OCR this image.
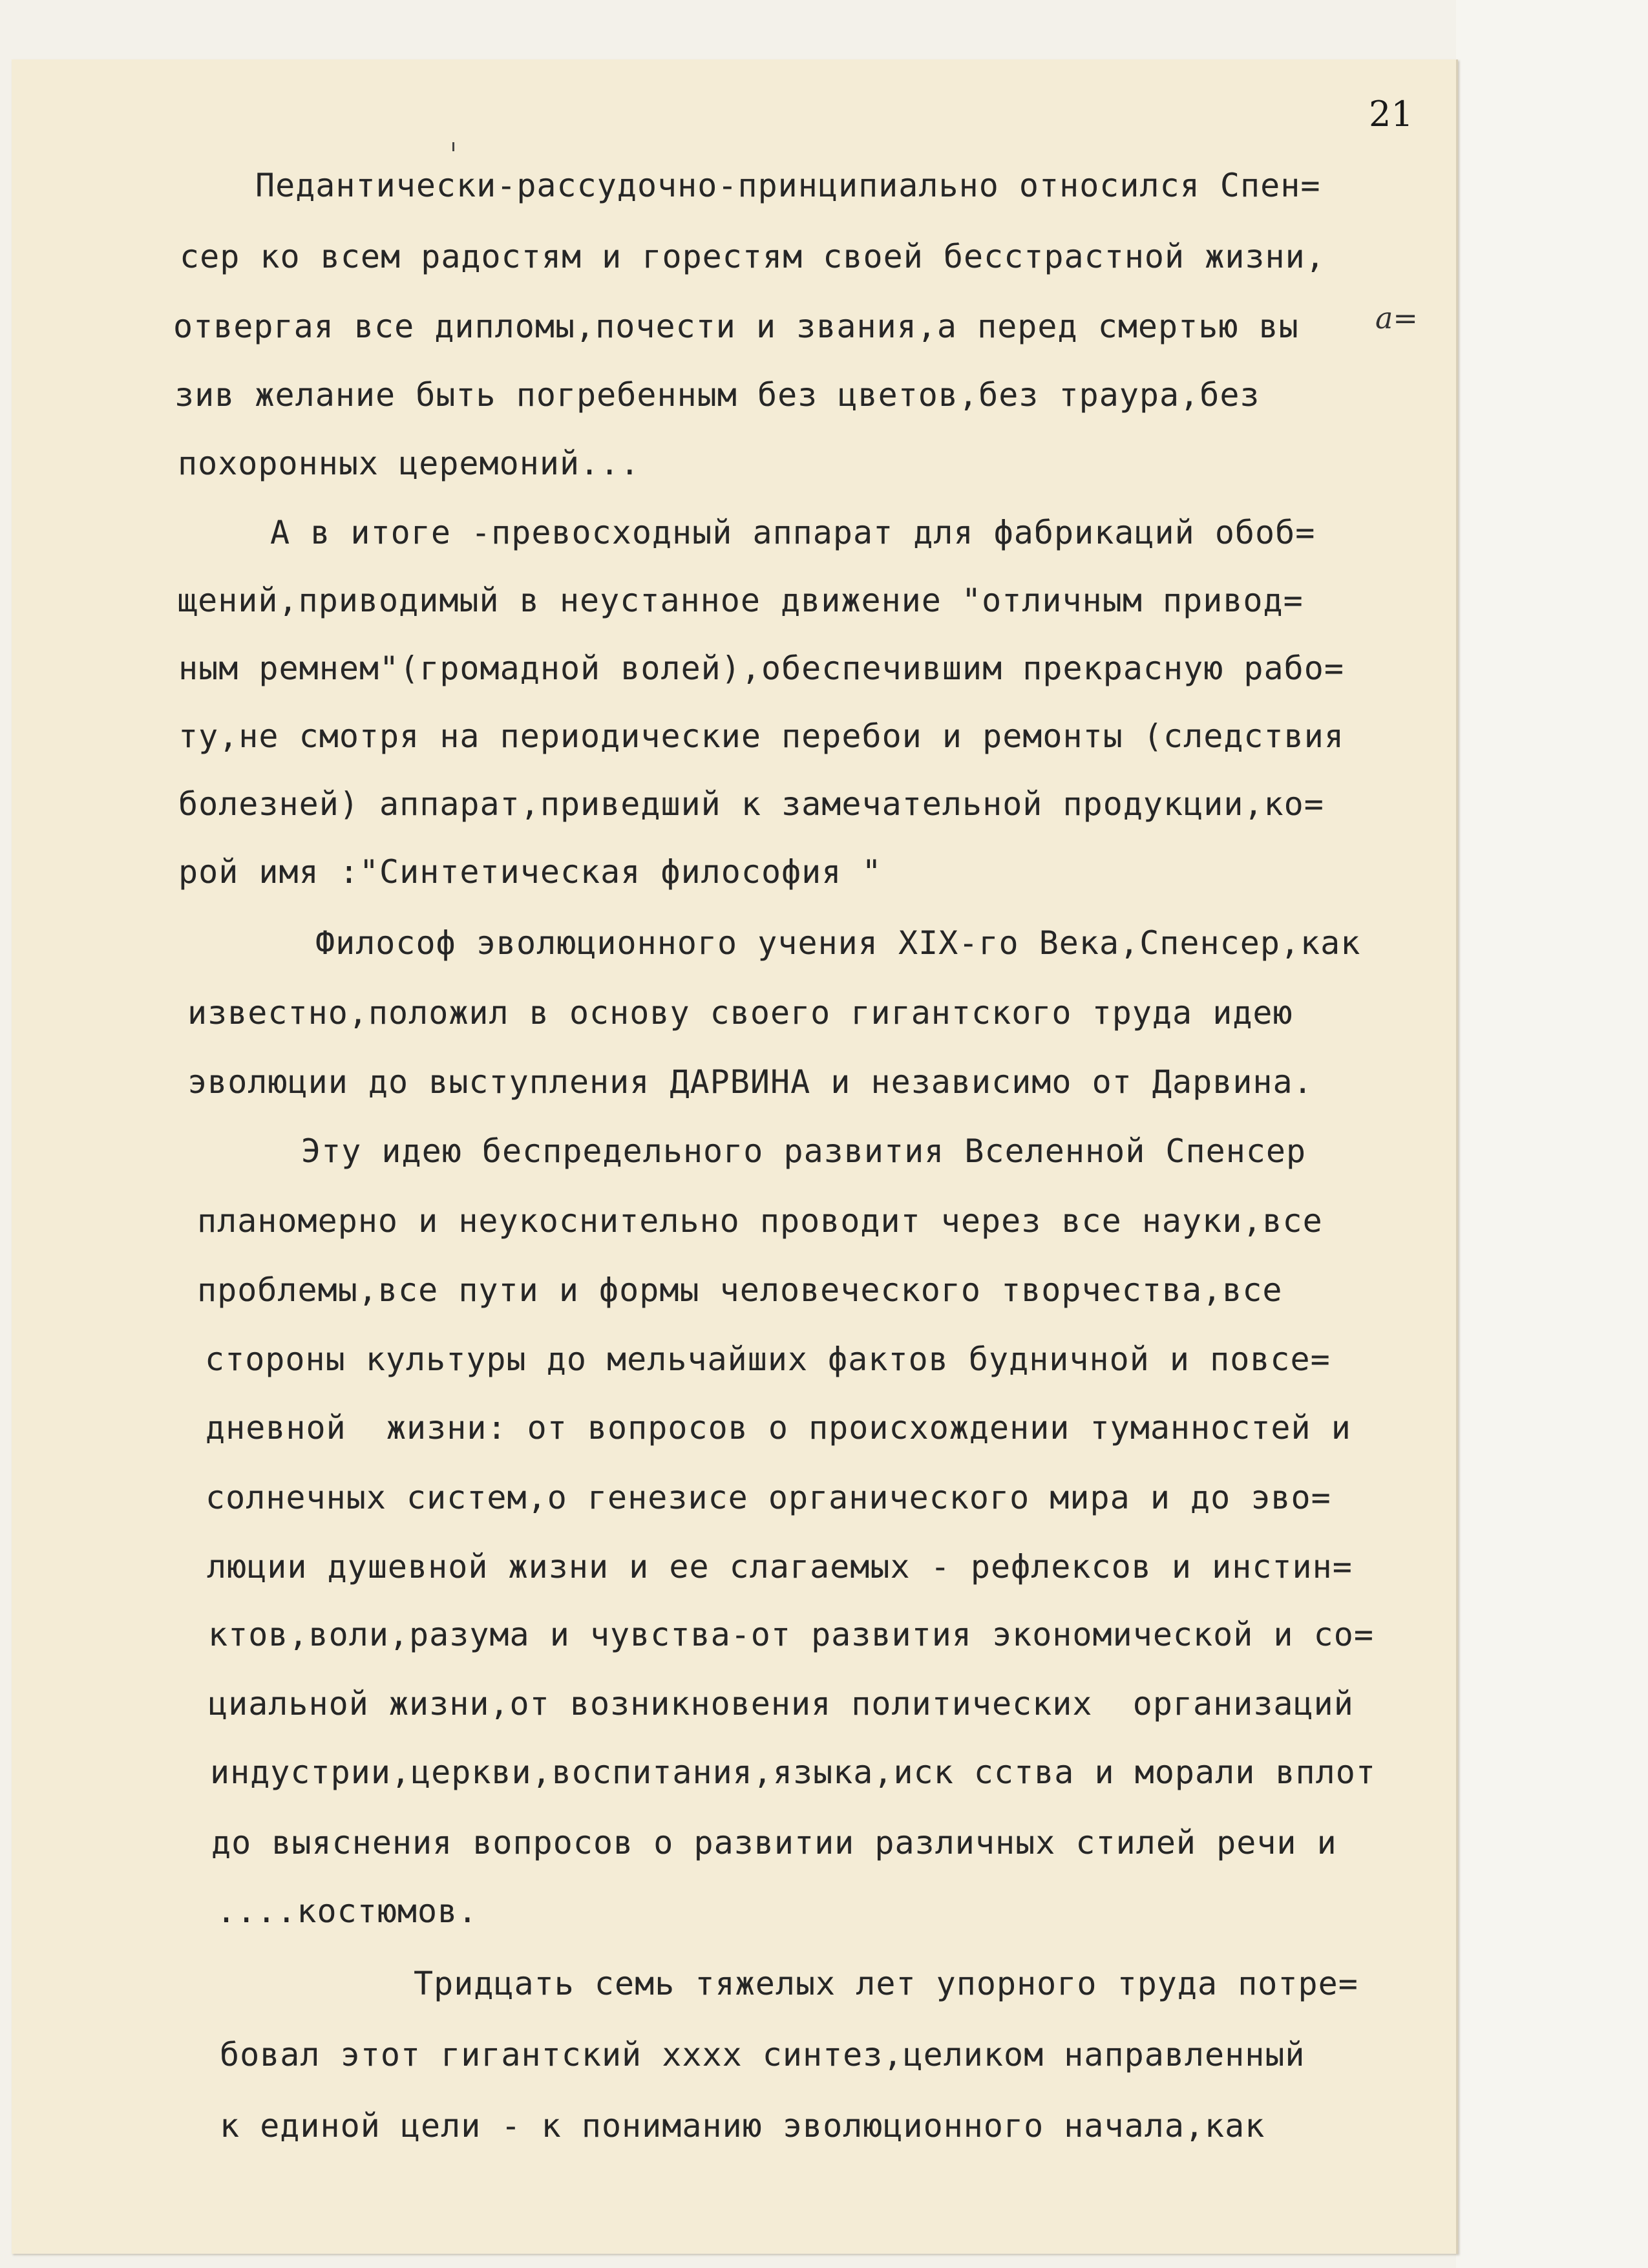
21
a=
Педантически-рассудочно-принципиально относился Спен=
сер ко всем радостям и горестям своей бесстрастной жизни,
отвергая все дипломы,почести и звания,а перед смертью вы
зив желание быть погребенным без цветов,без траура,без
похоронных церемоний...
А в итоге -превосходный аппарат для фабрикаций обоб=
щений,приводимый в неустанное движение "отличным привод=
ным ремнем"(громадной волей),обеспечившим прекрасную рабо=
ту,не смотря на периодические перебои и ремонты (следствия
болезней) аппарат,приведший к замечательной продукции,ко=
рой имя :"Синтетическая философия "
Философ эволюционного учения XIX-го Века,Спенсер,как
известно,положил в основу своего гигантского труда идею
эволюции до выступления ДАРВИНА и независимо от Дарвина.
Эту идею беспредельного развития Вселенной Спенсер
планомерно и неукоснительно проводит через все науки,все
проблемы,все пути и формы человеческого творчества,все
стороны культуры до мельчайших фактов будничной и повсе=
дневной  жизни: от вопросов о происхождении туманностей и
солнечных систем,о генезисе органического мира и до эво=
люции душевной жизни и ее слагаемых - рефлексов и инстин=
ктов,воли,разума и чувства-от развития экономической и со=
циальной жизни,от возникновения политических  организаций
индустрии,церкви,воспитания,языка,иск сства и морали вплот
до выяснения вопросов о развитии различных стилей речи и
....костюмов.
Тридцать семь тяжелых лет упорного труда потре=
бовал этот гигантский xxxx синтез,целиком направленный
к единой цели - к пониманию эволюционного начала,как
